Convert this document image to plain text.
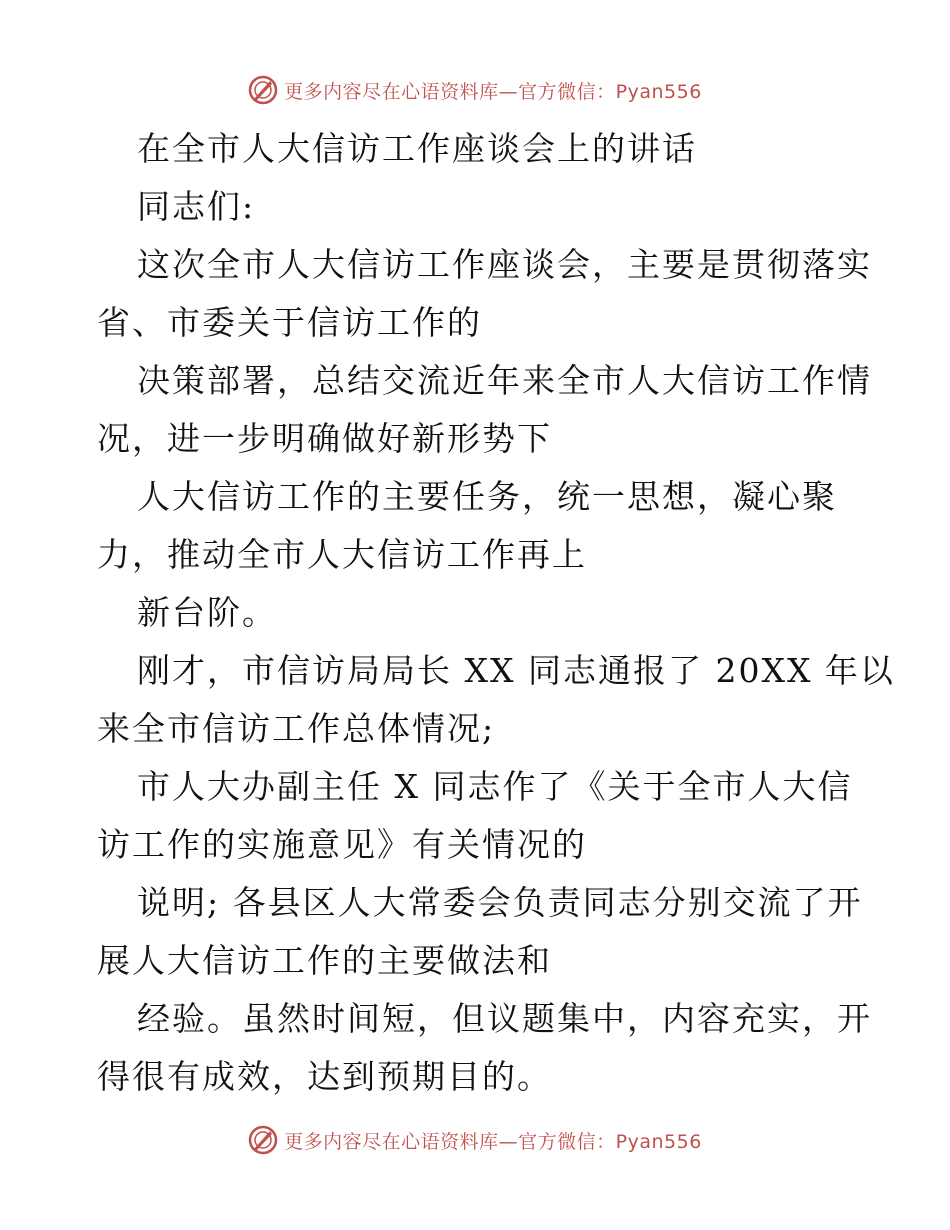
更多内容尽在心语资料库—官方微信：Pyan556
在全市人大信访工作座谈会上的讲话
同志们:
这次全市人大信访工作座谈会，主要是贯彻落实
省、市委关于信访工作的
决策部署，总结交流近年来全市人大信访工作情
况，进一步明确做好新形势下
人大信访工作的主要任务，统一思想，凝心聚
力，推动全市人大信访工作再上
新台阶。
刚才，市信访局局长 XX 同志通报了 20XX 年以
来全市信访工作总体情况;
市人大办副主任 X 同志作了《关于全市人大信
访工作的实施意见》有关情况的
说明; 各县区人大常委会负责同志分别交流了开
展人大信访工作的主要做法和
经验。虽然时间短，但议题集中，内容充实，开
得很有成效，达到预期目的。
更多内容尽在心语资料库—官方微信：Pyan556
